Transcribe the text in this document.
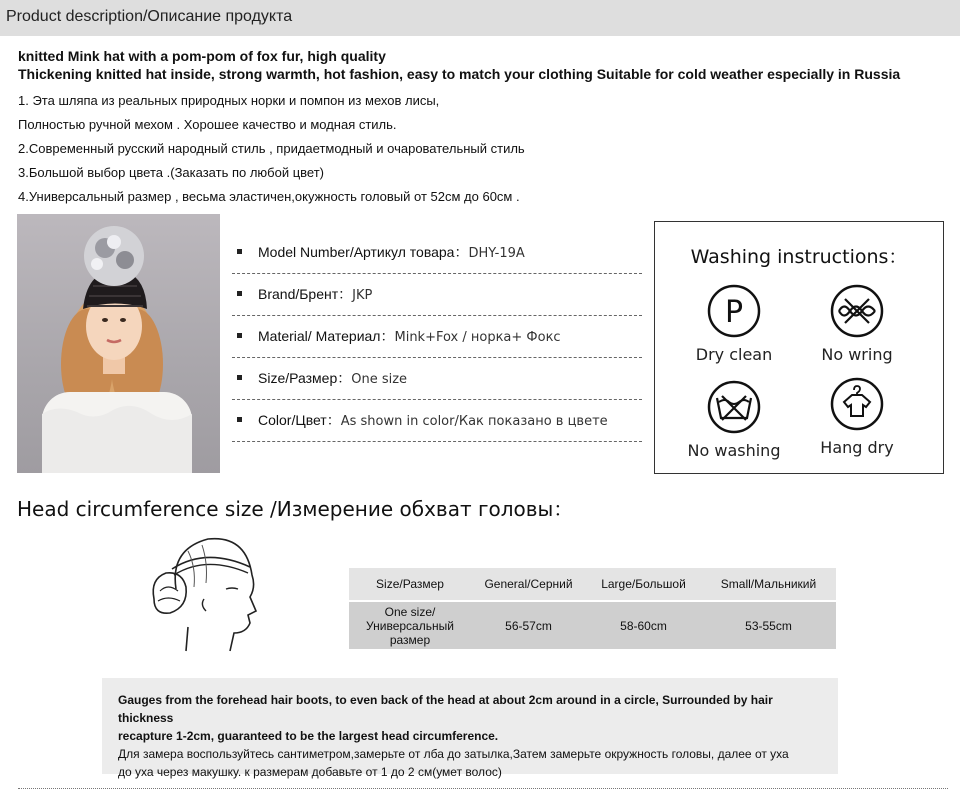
Product description/Описание продукта
knitted Mink hat with a pom-pom of fox fur, high quality
Thickening knitted hat inside, strong warmth, hot fashion, easy to match your clothing Suitable for cold weather especially in Russia
1. Эта шляпа из реальных природных норки и помпон из мехов лисы,
Полностью ручной мехом . Хорошее качество и модная стиль.
2.Современный русский народный стиль , придаетмодный и очаровательный стиль
3.Большой выбор цвета .(Заказать по любой цвет)
4.Универсальный размер , весьма эластичен,окужность головый от 52см до 60см .
Model Number/Артикул товара：DHY-19A
Brand/Брент：JKP
Material/ Материал：Mink+Fox / норка+ Фокс
Size/Размер：One size
Color/Цвет：As shown in color/Как показано в цвете
Washing instructions：
P
Dry clean	No wring
No washing	Hang dry
Head circumference size /Измерение обхват головы：
Size/Размер	General/Серний	Large/Большой	Small/Мальникий
One size/ Универсальный размер	56-57cm	58-60cm	53-55cm
Gauges from the forehead hair boots, to even back of the head at about 2cm around in a circle, Surrounded by hair thickness
recapture 1-2cm, guaranteed to be the largest head circumference.
Для замера воспользуйтесь сантиметром,замерьте от лба до затылка,Затем замерьте окружность головы, далее от уха
до уха через макушку. к размерам добавьте от 1 до 2 см(умет волос)
